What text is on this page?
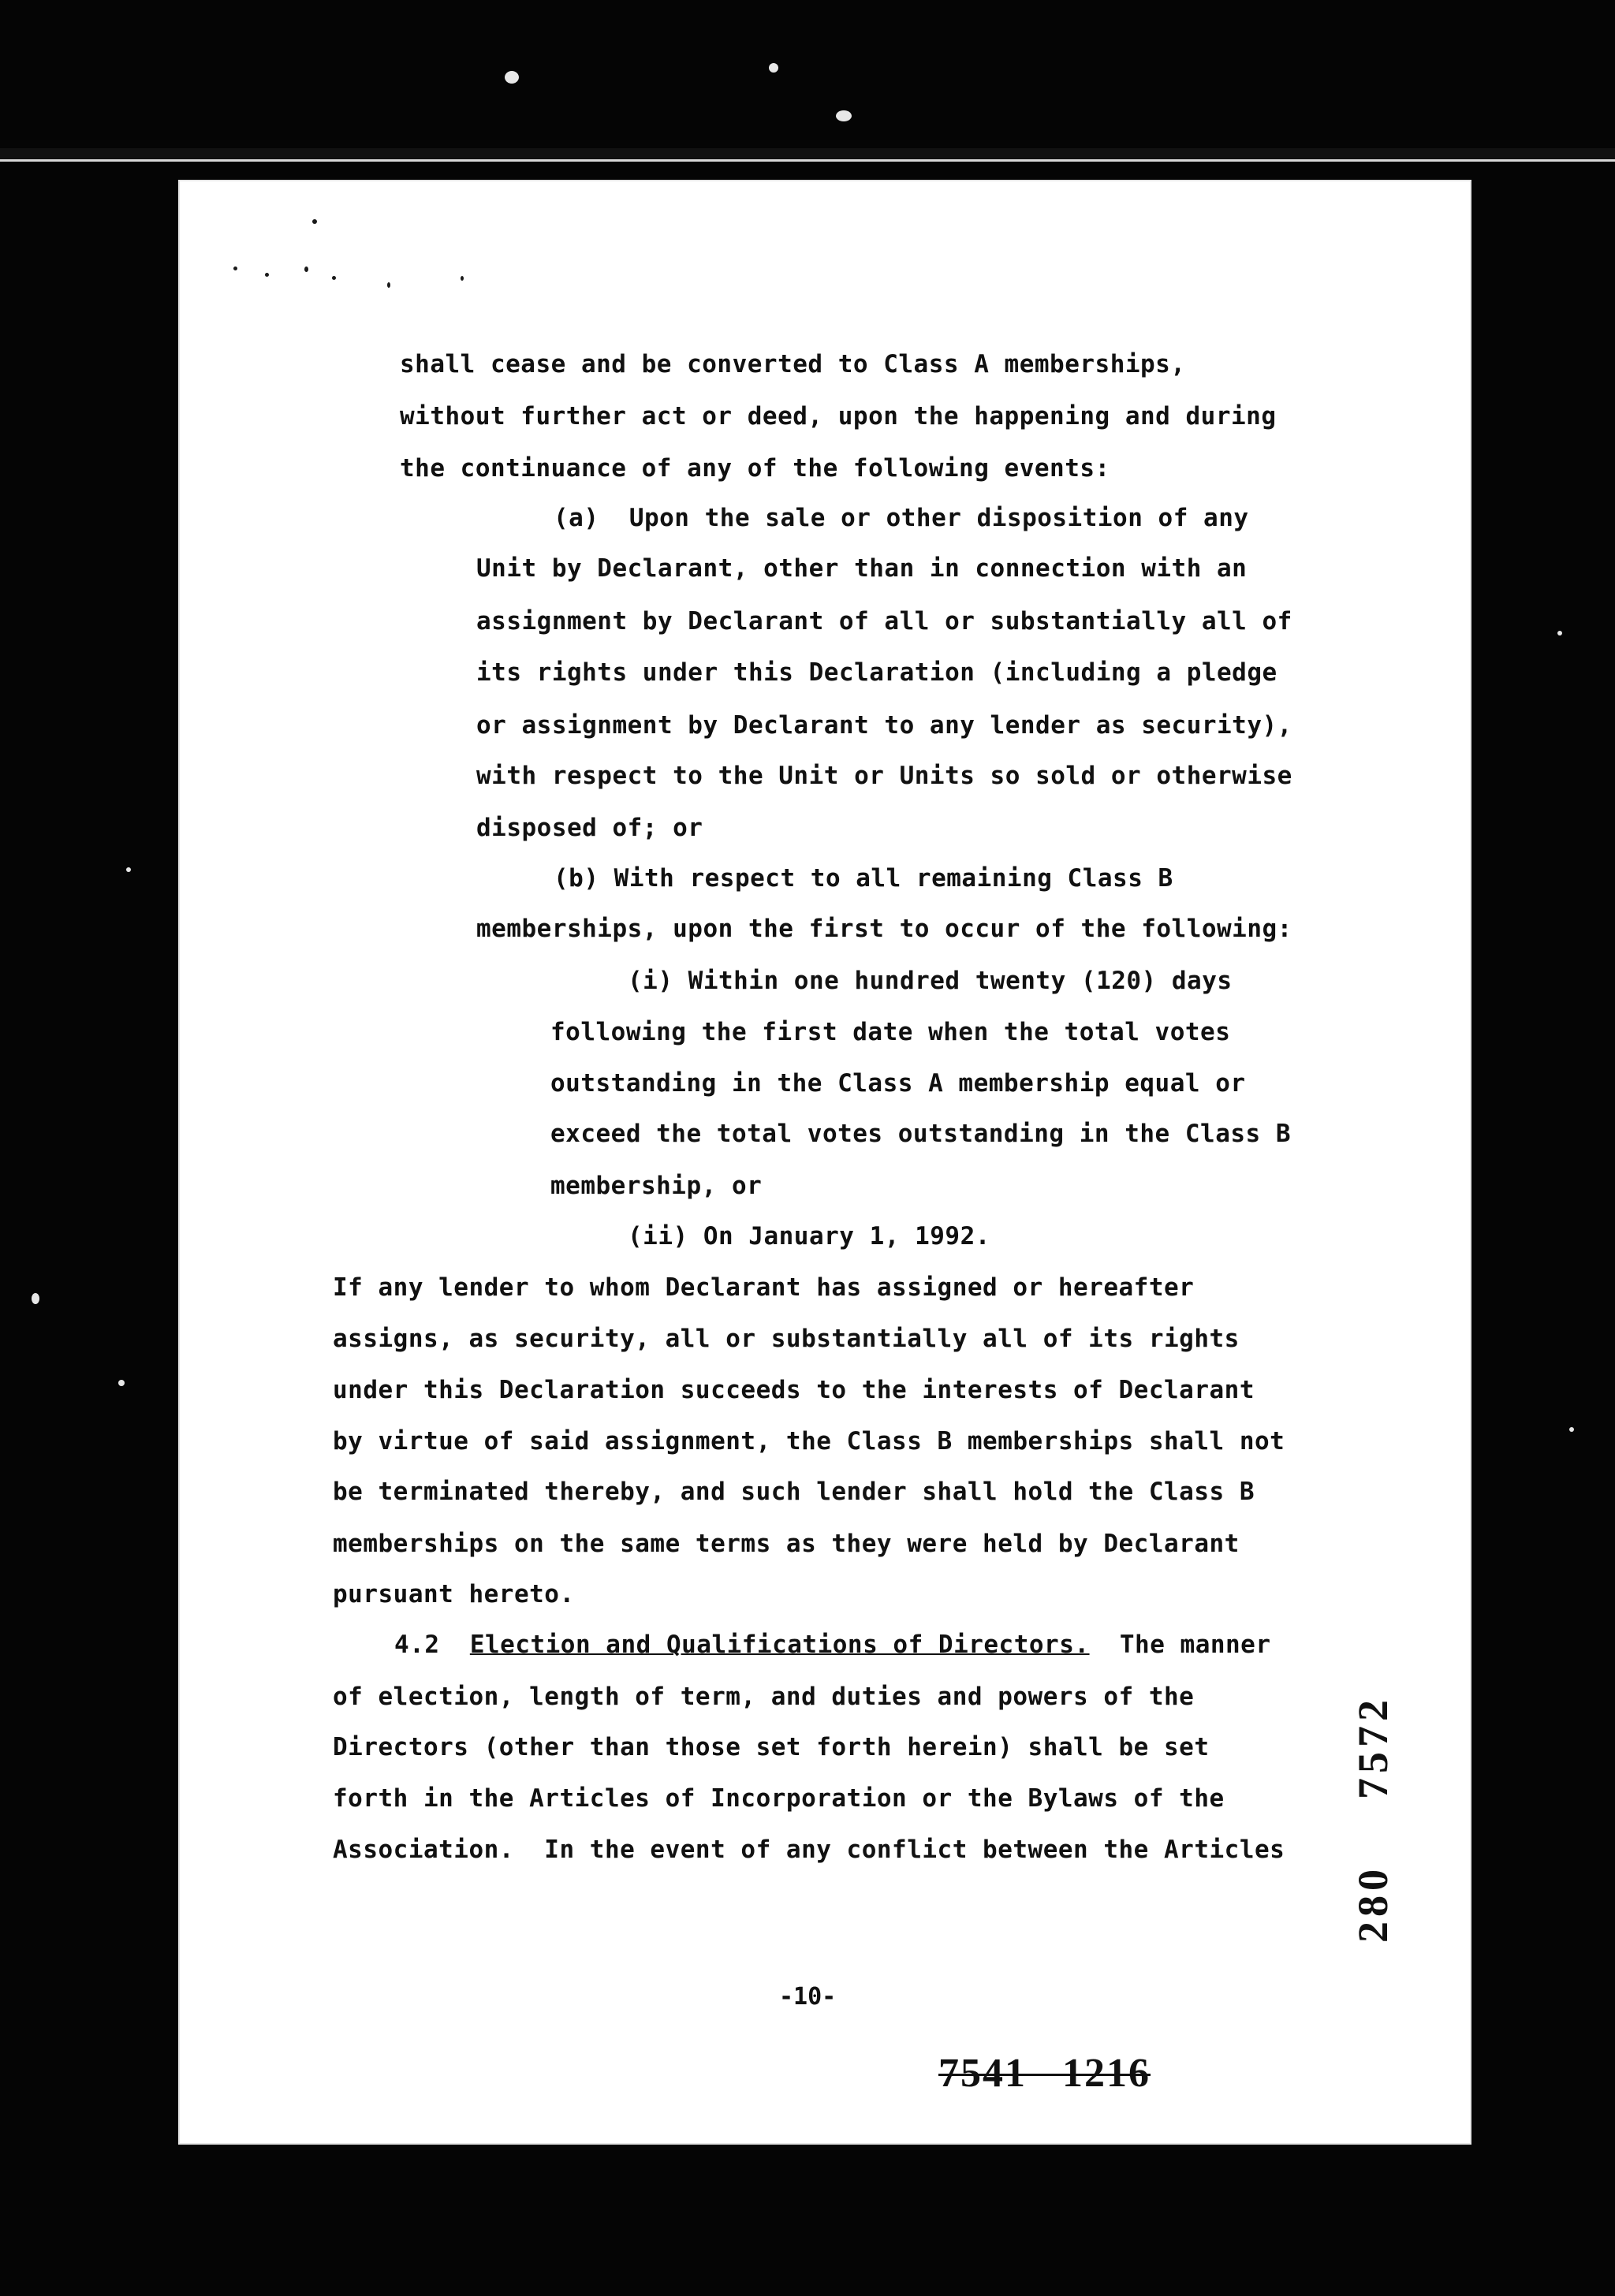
shall cease and be converted to Class A memberships,
without further act or deed, upon the happening and during
the continuance of any of the following events:
(a)  Upon the sale or other disposition of any
Unit by Declarant, other than in connection with an
assignment by Declarant of all or substantially all of
its rights under this Declaration (including a pledge
or assignment by Declarant to any lender as security),
with respect to the Unit or Units so sold or otherwise
disposed of; or
(b) With respect to all remaining Class B
memberships, upon the first to occur of the following:
(i) Within one hundred twenty (120) days
following the first date when the total votes
outstanding in the Class A membership equal or
exceed the total votes outstanding in the Class B
membership, or
(ii) On January 1, 1992.
If any lender to whom Declarant has assigned or hereafter
assigns, as security, all or substantially all of its rights
under this Declaration succeeds to the interests of Declarant
by virtue of said assignment, the Class B memberships shall not
be terminated thereby, and such lender shall hold the Class B
memberships on the same terms as they were held by Declarant
pursuant hereto.
4.2 Election and Qualifications of Directors. The manner
of election, length of term, and duties and powers of the
Directors (other than those set forth herein) shall be set
forth in the Articles of Incorporation or the Bylaws of the
Association.  In the event of any conflict between the Articles
7572
280
-10-
7541 1216
